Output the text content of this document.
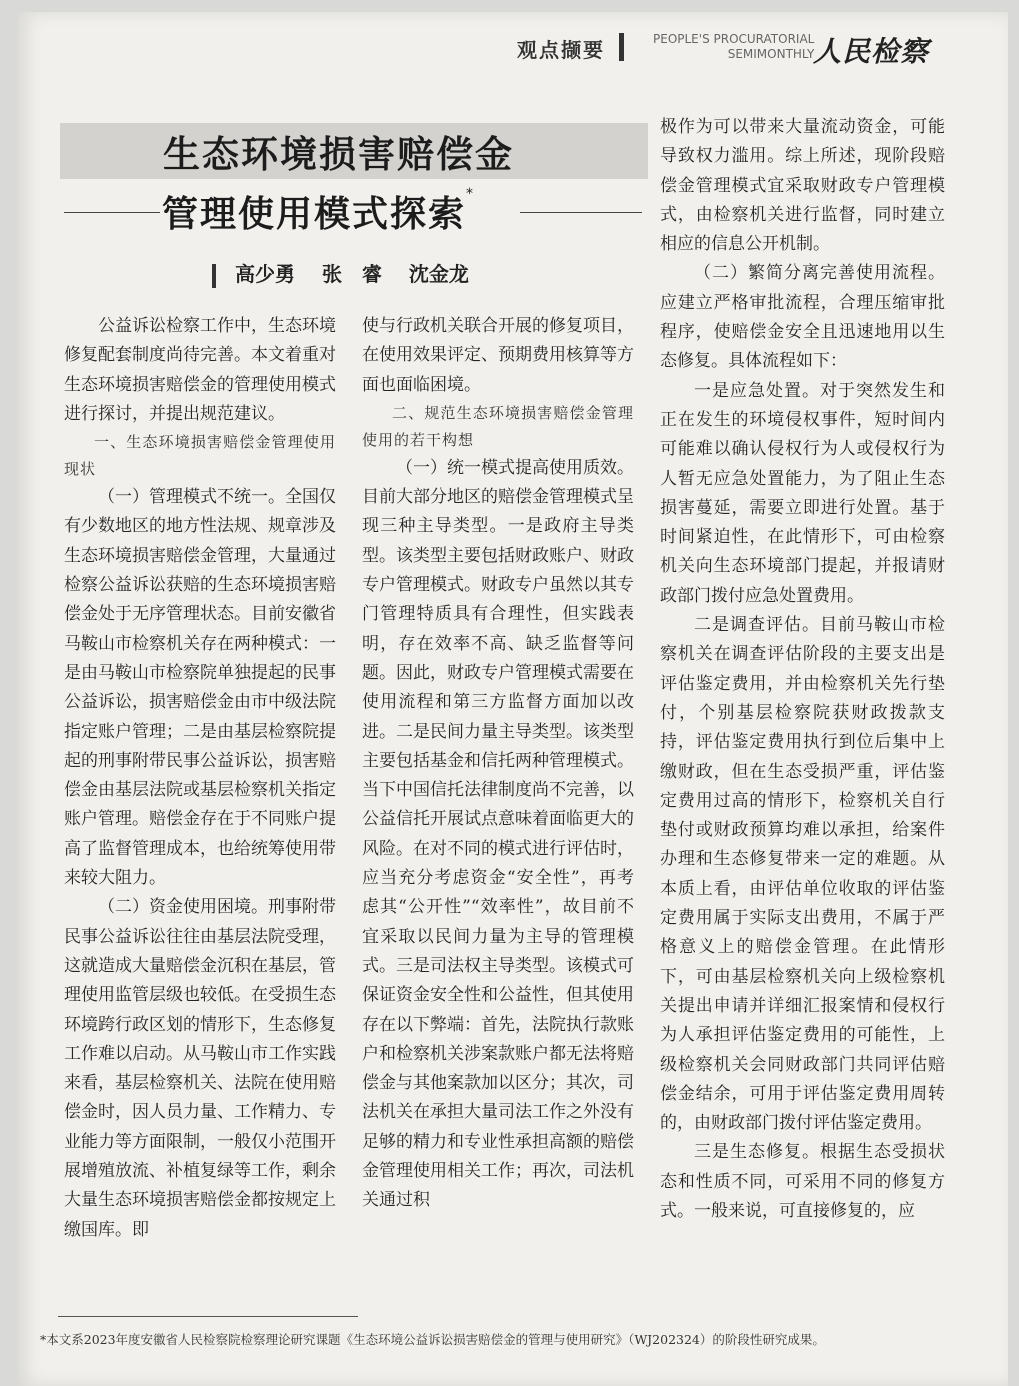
观点撷要	PEOPLE'S PROCURATORIAL
SEMIMONTHLY
人民检察
生态环境损害赔偿金
管理使用模式探索*
高少勇 张　睿 沈金龙

公益诉讼检察工作中，生态环境修复配套制度尚待完善。本文着重对生态环境损害赔偿金的管理使用模式进行探讨，并提出规范建议。

一、生态环境损害赔偿金管理使用现状

（一）管理模式不统一。全国仅有少数地区的地方性法规、规章涉及生态环境损害赔偿金管理，大量通过检察公益诉讼获赔的生态环境损害赔偿金处于无序管理状态。目前安徽省马鞍山市检察机关存在两种模式：一是由马鞍山市检察院单独提起的民事公益诉讼，损害赔偿金由市中级法院指定账户管理；二是由基层检察院提起的刑事附带民事公益诉讼，损害赔偿金由基层法院或基层检察机关指定账户管理。赔偿金存在于不同账户提高了监督管理成本，也给统筹使用带来较大阻力。

（二）资金使用困境。刑事附带民事公益诉讼往往由基层法院受理，这就造成大量赔偿金沉积在基层，管理使用监管层级也较低。在受损生态环境跨行政区划的情形下，生态修复工作难以启动。从马鞍山市工作实践来看，基层检察机关、法院在使用赔偿金时，因人员力量、工作精力、专业能力等方面限制，一般仅小范围开展增殖放流、补植复绿等工作，剩余大量生态环境损害赔偿金都按规定上缴国库。即

使与行政机关联合开展的修复项目，在使用效果评定、预期费用核算等方面也面临困境。

二、规范生态环境损害赔偿金管理使用的若干构想

（一）统一模式提高使用质效。目前大部分地区的赔偿金管理模式呈现三种主导类型。一是政府主导类型。该类型主要包括财政账户、财政专户管理模式。财政专户虽然以其专门管理特质具有合理性，但实践表明，存在效率不高、缺乏监督等问题。因此，财政专户管理模式需要在使用流程和第三方监督方面加以改进。二是民间力量主导类型。该类型主要包括基金和信托两种管理模式。当下中国信托法律制度尚不完善，以公益信托开展试点意味着面临更大的风险。在对不同的模式进行评估时，应当充分考虑资金“安全性”，再考虑其“公开性”“效率性”，故目前不宜采取以民间力量为主导的管理模式。三是司法权主导类型。该模式可保证资金安全性和公益性，但其使用存在以下弊端：首先，法院执行款账户和检察机关涉案款账户都无法将赔偿金与其他案款加以区分；其次，司法机关在承担大量司法工作之外没有足够的精力和专业性承担高额的赔偿金管理使用相关工作；再次，司法机关通过积

极作为可以带来大量流动资金，可能导致权力滥用。综上所述，现阶段赔偿金管理模式宜采取财政专户管理模式，由检察机关进行监督，同时建立相应的信息公开机制。

（二）繁简分离完善使用流程。应建立严格审批流程，合理压缩审批程序，使赔偿金安全且迅速地用以生态修复。具体流程如下：

一是应急处置。对于突然发生和正在发生的环境侵权事件，短时间内可能难以确认侵权行为人或侵权行为人暂无应急处置能力，为了阻止生态损害蔓延，需要立即进行处置。基于时间紧迫性，在此情形下，可由检察机关向生态环境部门提起，并报请财政部门拨付应急处置费用。

二是调查评估。目前马鞍山市检察机关在调查评估阶段的主要支出是评估鉴定费用，并由检察机关先行垫付，个别基层检察院获财政拨款支持，评估鉴定费用执行到位后集中上缴财政，但在生态受损严重，评估鉴定费用过高的情形下，检察机关自行垫付或财政预算均难以承担，给案件办理和生态修复带来一定的难题。从本质上看，由评估单位收取的评估鉴定费用属于实际支出费用，不属于严格意义上的赔偿金管理。在此情形下，可由基层检察机关向上级检察机关提出申请并详细汇报案情和侵权行为人承担评估鉴定费用的可能性，上级检察机关会同财政部门共同评估赔偿金结余，可用于评估鉴定费用周转的，由财政部门拨付评估鉴定费用。

三是生态修复。根据生态受损状态和性质不同，可采用不同的修复方式。一般来说，可直接修复的，应

*本文系2023年度安徽省人民检察院检察理论研究课题《生态环境公益诉讼损害赔偿金的管理与使用研究》（WJ202324）的阶段性研究成果。
